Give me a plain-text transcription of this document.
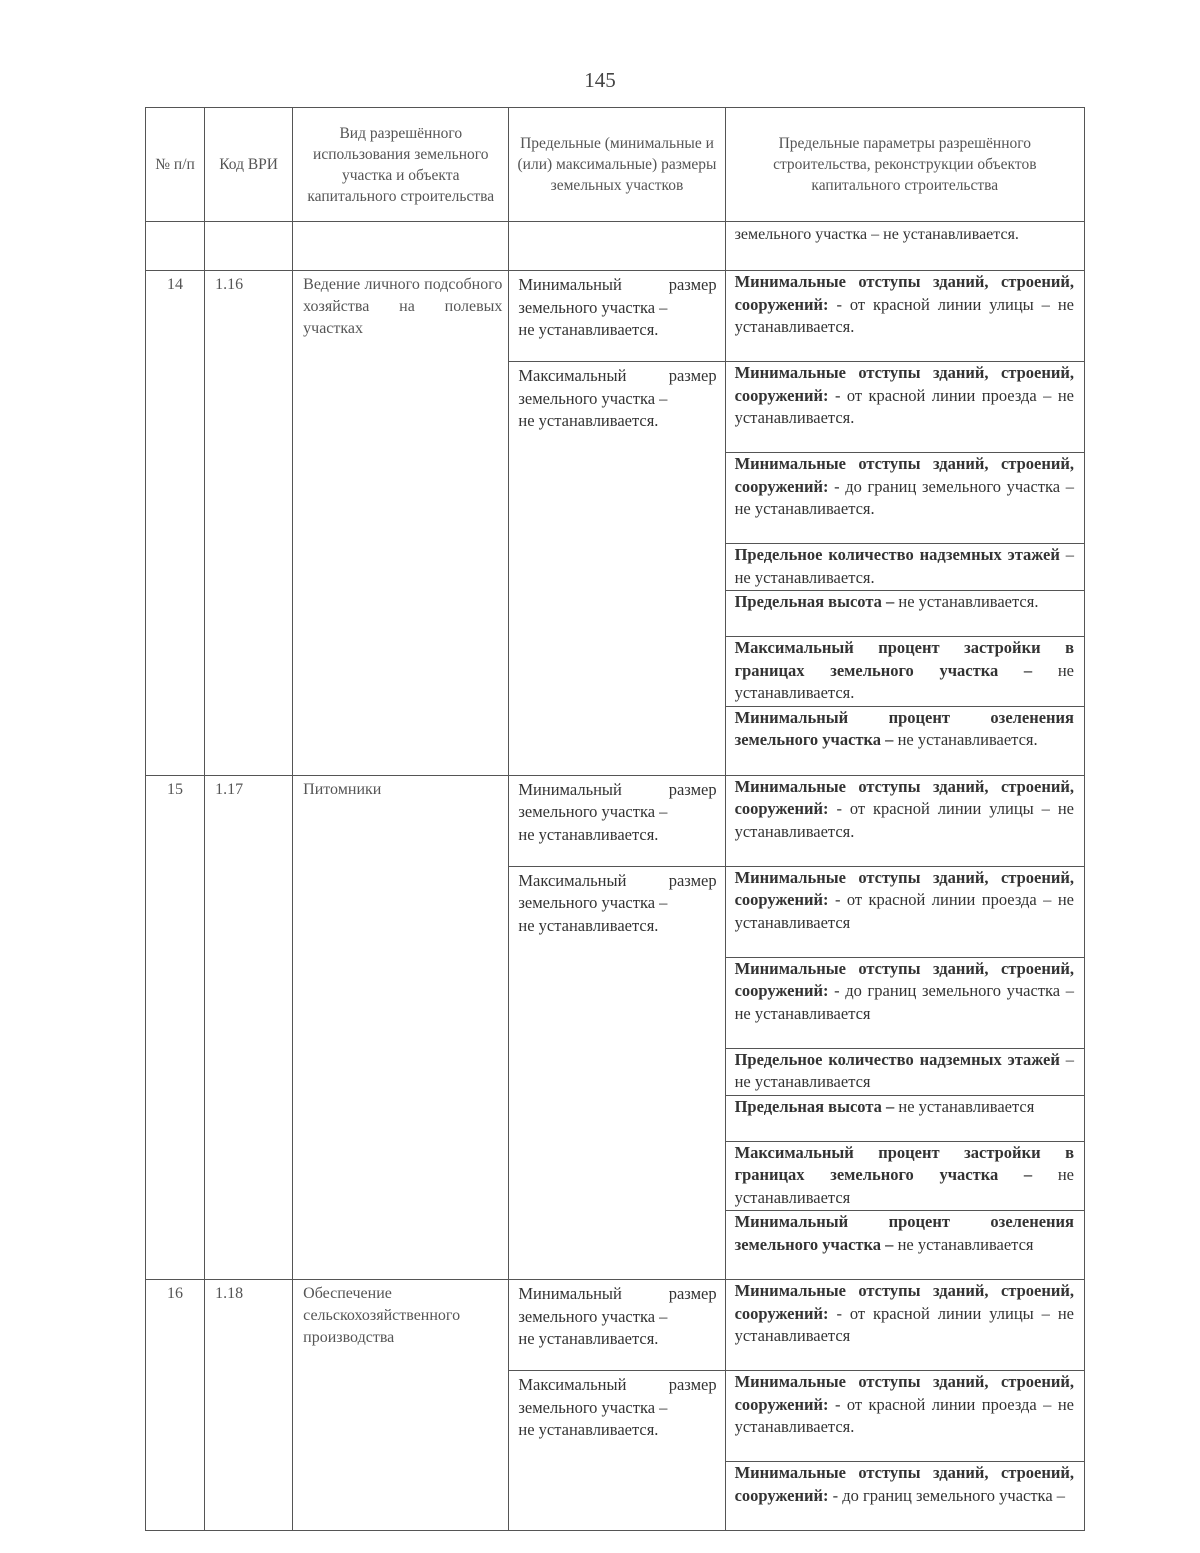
145
№ п/п	Код ВРИ	Вид разрешённого использования земельного участка и объекта капитального строительства	Предельные (минимальные и (или) максимальные) размеры земельных участков	Предельные параметры разрешённого строительства, реконструкции объектов капитального строительства
				земельного участка – не устанавливается.
14	1.16	Ведение личного подсобного хозяйства на полевых участках	Минимальный размер земельного участка –
не устанавливается.	Минимальные отступы зданий, строений, сооружений: - от красной линии улицы – не устанавливается.

			Максимальный размер земельного участка –
не устанавливается.	Минимальные отступы зданий, строений, сооружений: - от красной линии проезда – не устанавливается.
				Минимальные отступы зданий, строений, сооружений: - до границ земельного участка – не устанавливается.
				Предельное количество надземных этажей – не устанавливается.
				Предельная высота – не устанавливается.
				Максимальный процент застройки в границах земельного участка – не устанавливается.
				Минимальный процент озеленения земельного участка – не устанавливается.
15	1.17	Питомники	Минимальный размер земельного участка –
не устанавливается.	Минимальные отступы зданий, строений, сооружений: - от красной линии улицы – не устанавливается.

			Максимальный размер земельного участка –
не устанавливается.	Минимальные отступы зданий, строений, сооружений: - от красной линии проезда – не устанавливается
				Минимальные отступы зданий, строений, сооружений: - до границ земельного участка – не устанавливается
				Предельное количество надземных этажей – не устанавливается
				Предельная высота – не устанавливается
				Максимальный процент застройки в границах земельного участка – не устанавливается
				Минимальный процент озеленения земельного участка – не устанавливается
16	1.18	Обеспечение сельскохозяйственного производства	Минимальный размер земельного участка –
не устанавливается.	Минимальные отступы зданий, строений, сооружений: - от красной линии улицы – не устанавливается

			Максимальный размер земельного участка –
не устанавливается.	Минимальные отступы зданий, строений, сооружений: - от красной линии проезда – не устанавливается.
				Минимальные отступы зданий, строений, сооружений: - до границ земельного участка –
